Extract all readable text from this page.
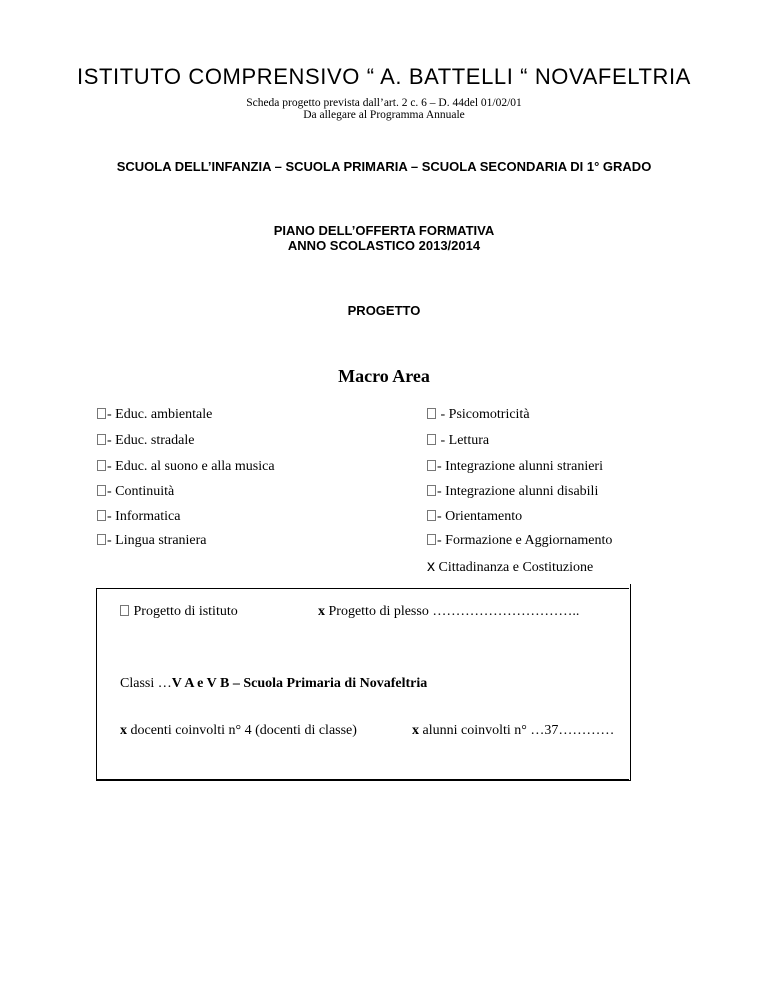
ISTITUTO COMPRENSIVO “ A. BATTELLI “ NOVAFELTRIA
Scheda progetto prevista dall’art. 2 c. 6 – D. 44del 01/02/01
Da allegare al Programma Annuale
SCUOLA DELL’INFANZIA – SCUOLA PRIMARIA – SCUOLA SECONDARIA DI 1° GRADO
PIANO DELL’OFFERTA FORMATIVA
ANNO SCOLASTICO 2013/2014
PROGETTO
Macro Area
- Educ. ambientale
- Educ. stradale
- Educ. al suono e alla musica
- Continuità
- Informatica
- Lingua straniera
- Psicomotricità
- Lettura
- Integrazione alunni stranieri
- Integrazione alunni disabili
- Orientamento
- Formazione e Aggiornamento
x Cittadinanza e Costituzione
Progetto di istituto	x Progetto di plesso …………………………..
Classi …V A e V B – Scuola Primaria di Novafeltria
x docenti coinvolti n° 4 (docenti di classe)	x alunni coinvolti n° …37…………
